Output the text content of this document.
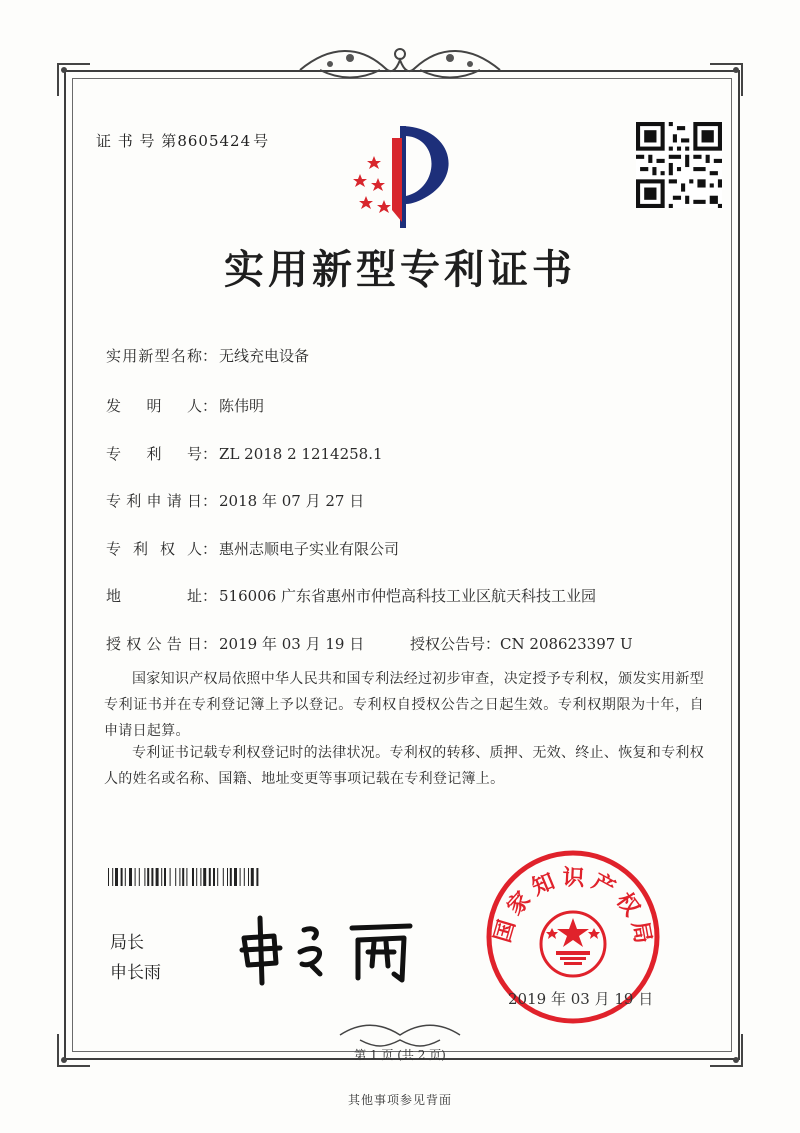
证 书 号 第8605424 号
实用新型专利证书
实用新型名称： 无线充电设备
发 明 人： 陈伟明
专 利 号： ZL 2018 2 1214258.1
专利申请日： 2018 年 07 月 27 日
专 利 权 人： 惠州志顺电子实业有限公司
地 址： 516006 广东省惠州市仲恺高科技工业区航天科技工业园
授权公告日： 2019 年 03 月 19 日	授权公告号：CN 208623397 U
国家知识产权局依照中华人民共和国专利法经过初步审查，决定授予专利权，颁发实用新型专利证书并在专利登记簿上予以登记。专利权自授权公告之日起生效。专利权期限为十年，自申请日起算。
专利证书记载专利权登记时的法律状况。专利权的转移、质押、无效、终止、恢复和专利权人的姓名或名称、国籍、地址变更等事项记载在专利登记簿上。
局长
申长雨
国家知识产权局
2019 年 03 月 19 日
第 1 页 (共 2 页)
其他事项参见背面
